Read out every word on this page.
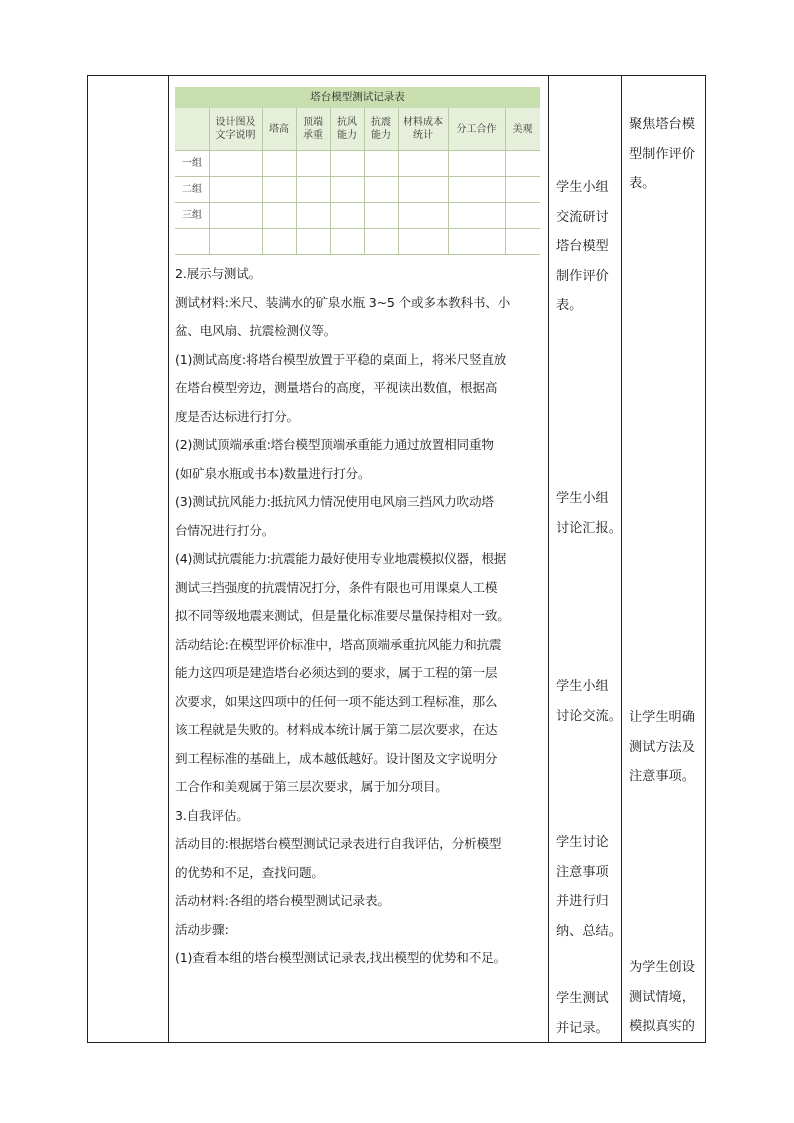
塔台模型测试记录表
设计图及
文字说明
塔高
顶端
承重
抗风
能力
抗震
能力
材料成本
统计
分工合作	美观
一组
二组
三组
2.展示与测试。
测试材料:米尺、装满水的矿泉水瓶 3~5 个或多本教科书、小
盆、电风扇、抗震检测仪等。
(1)测试高度:将塔台模型放置于平稳的桌面上，将米尺竖直放
在塔台模型旁边，测量塔台的高度，平视读出数值，根据高
度是否达标进行打分。
(2)测试顶端承重:塔台模型顶端承重能力通过放置相同重物
(如矿泉水瓶或书本)数量进行打分。
(3)测试抗风能力:抵抗风力情况使用电风扇三挡风力吹动塔
台情况进行打分。
(4)测试抗震能力:抗震能力最好使用专业地震模拟仪器，根据
测试三挡强度的抗震情况打分，条件有限也可用课桌人工模
拟不同等级地震来测试，但是量化标准要尽量保持相对一致。
活动结论:在模型评价标准中，塔高顶端承重抗风能力和抗震
能力这四项是建造塔台必须达到的要求，属于工程的第一层
次要求，如果这四项中的任何一项不能达到工程标准，那么
该工程就是失败的。材料成本统计属于第二层次要求，在达
到工程标准的基础上，成本越低越好。设计图及文字说明分
工合作和美观属于第三层次要求，属于加分项目。
3.自我评估。
活动目的:根据塔台模型测试记录表进行自我评估，分析模型
的优势和不足，查找问题。
活动材料:各组的塔台模型测试记录表。
活动步骤:
(1)查看本组的塔台模型测试记录表,找出模型的优势和不足。
学生小组
交流研讨
塔台模型
制作评价
表。
学生小组
讨论汇报。
学生小组
讨论交流。
学生讨论
注意事项
并进行归
纳、总结。
学生测试
并记录。
聚焦塔台模
型制作评价
表。
让学生明确
测试方法及
注意事项。
为学生创设
测试情境，
模拟真实的
